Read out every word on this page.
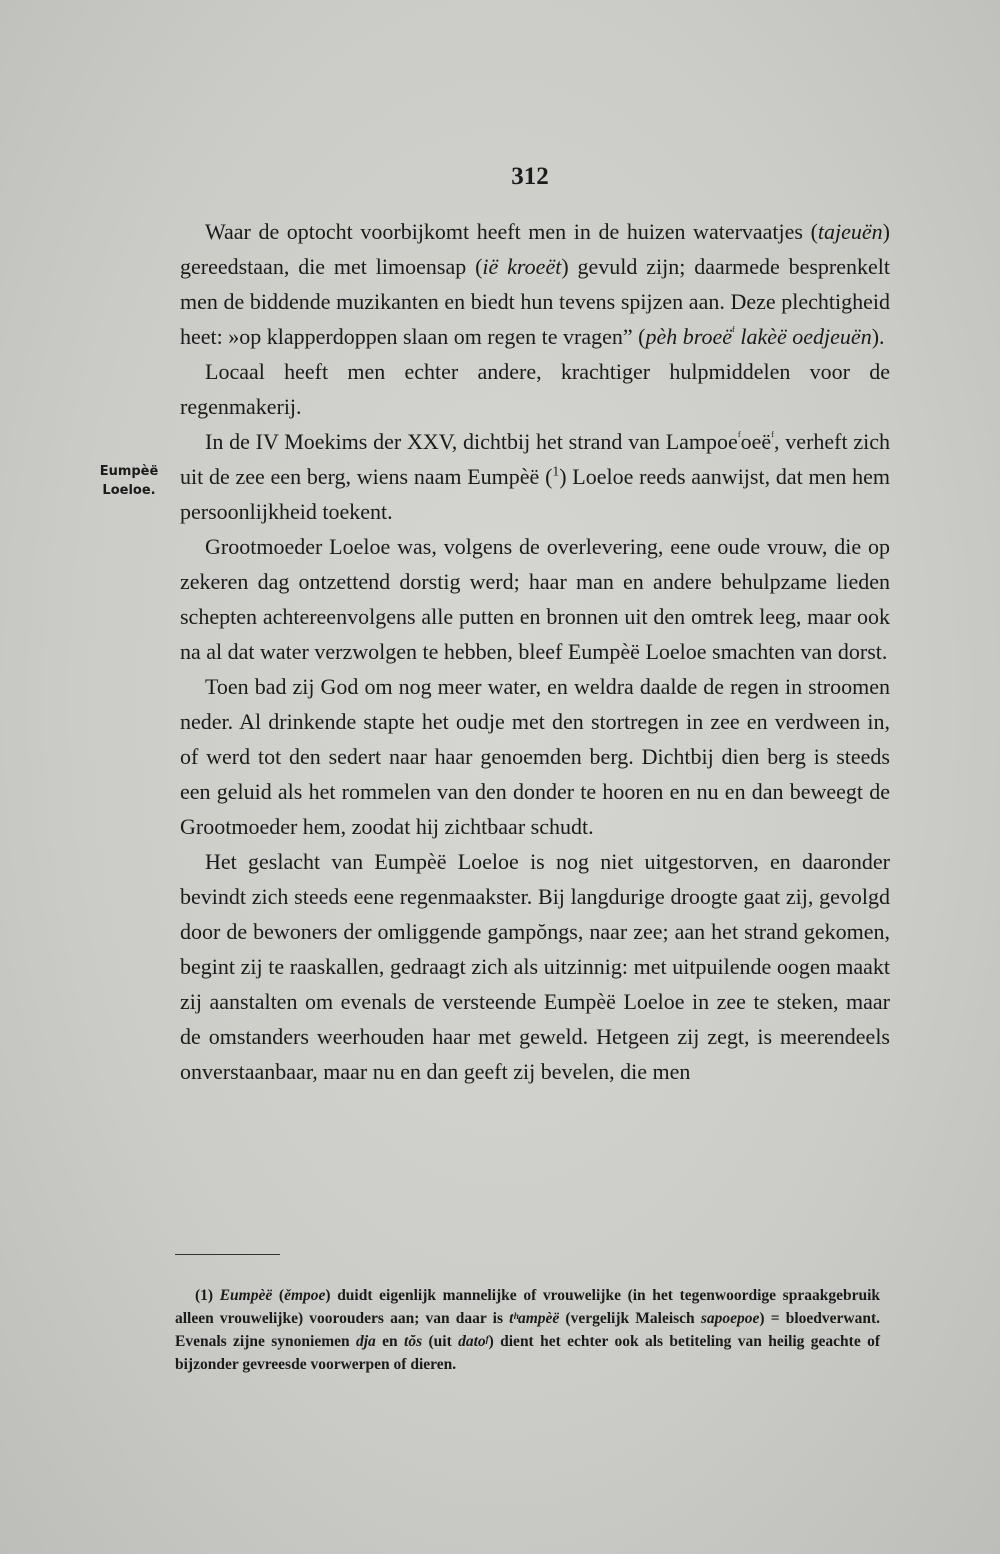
312
Eumpèë
Loeloe.

Waar de optocht voorbijkomt heeft men in de huizen watervaatjes (tajeuën) gereedstaan, die met limoensap (ië kroeët) gevuld zijn; daarmede besprenkelt men de biddende muzikanten en biedt hun tevens spijzen aan. Deze plechtigheid heet: »op klapperdoppen slaan om regen te vragen” (pèh broeë$^ᶠ$ lakèë oedjeuën).

Locaal heeft men echter andere, krachtiger hulpmiddelen voor de regenmakerij.

In de IV Moekims der XXV, dichtbij het strand van Lampoe$^ᶠ$oeë$^ᶠ$, verheft zich uit de zee een berg, wiens naam Eumpèë ($^1$) Loeloe reeds aanwijst, dat men hem persoonlijkheid toekent.

Grootmoeder Loeloe was, volgens de overlevering, eene oude vrouw, die op zekeren dag ontzettend dorstig werd; haar man en andere behulpzame lieden schepten achtereenvolgens alle putten en bronnen uit den omtrek leeg, maar ook na al dat water verzwolgen te hebben, bleef Eumpèë Loeloe smachten van dorst.

Toen bad zij God om nog meer water, en weldra daalde de regen in stroomen neder. Al drinkende stapte het oudje met den stortregen in zee en verdween in, of werd tot den sedert naar haar genoemden berg. Dichtbij dien berg is steeds een geluid als het rommelen van den donder te hooren en nu en dan beweegt de Grootmoeder hem, zoodat hij zichtbaar schudt.

Het geslacht van Eumpèë Loeloe is nog niet uitgestorven, en daaronder bevindt zich steeds eene regenmaakster. Bij langdurige droogte gaat zij, gevolgd door de bewoners der omliggende gampŏngs, naar zee; aan het strand gekomen, begint zij te raaskallen, gedraagt zich als uitzinnig: met uitpuilende oogen maakt zij aanstalten om evenals de versteende Eumpèë Loeloe in zee te steken, maar de omstanders weerhouden haar met geweld. Hetgeen zij zegt, is meerendeels onverstaanbaar, maar nu en dan geeft zij bevelen, die men

(1) Eumpèë (ěmpoe) duidt eigenlijk mannelijke of vrouwelijke (in het tegenwoordige spraakgebruik alleen vrouwelijke) voorouders aan; van daar is tʰampèë (vergelijk Maleisch sapoepoe) = bloedverwant. Evenals zijne synoniemen dja en tŏs (uit datoᶠ) dient het echter ook als betiteling van heilig geachte of bijzonder gevreesde voorwerpen of dieren.
